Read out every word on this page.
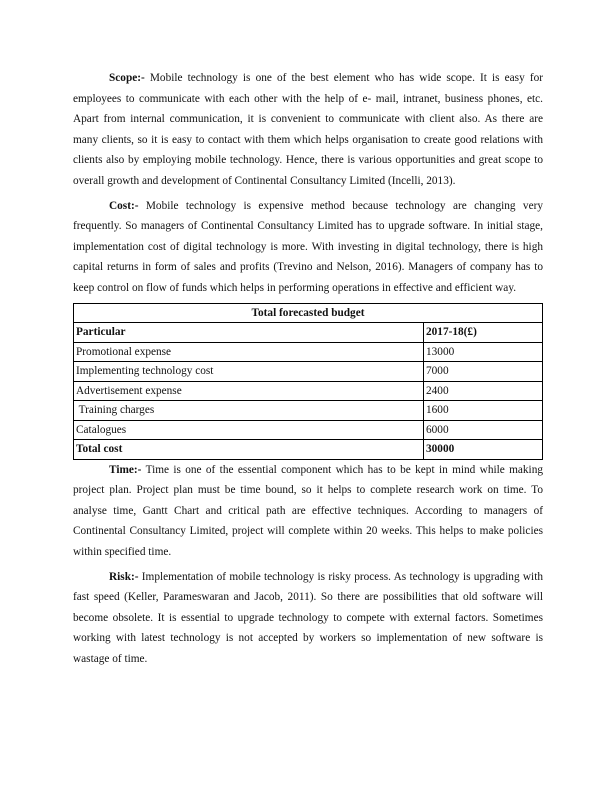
Scope:- Mobile technology is one of the best element who has wide scope. It is easy for employees to communicate with each other with the help of e- mail, intranet, business phones, etc. Apart from internal communication, it is convenient to communicate with client also. As there are many clients, so it is easy to contact with them which helps organisation to create good relations with clients also by employing mobile technology. Hence, there is various opportunities and great scope to overall growth and development of Continental Consultancy Limited (Incelli, 2013).

Cost:- Mobile technology is expensive method because technology are changing very frequently. So managers of Continental Consultancy Limited has to upgrade software. In initial stage, implementation cost of digital technology is more. With investing in digital technology, there is high capital returns in form of sales and profits (Trevino and Nelson, 2016). Managers of company has to keep control on flow of funds which helps in performing operations in effective and efficient way.

Total forecasted budget	
Particular	2017-18(£)
Promotional expense	13000
Implementing technology cost	7000
Advertisement expense	2400
Training charges	1600
Catalogues	6000
Total cost	30000

Time:- Time is one of the essential component which has to be kept in mind while making project plan. Project plan must be time bound, so it helps to complete research work on time. To analyse time, Gantt Chart and critical path are effective techniques. According to managers of Continental Consultancy Limited, project will complete within 20 weeks. This helps to make policies within specified time.

Risk:- Implementation of mobile technology is risky process. As technology is upgrading with fast speed (Keller, Parameswaran and Jacob, 2011). So there are possibilities that old software will become obsolete. It is essential to upgrade technology to compete with external factors. Sometimes working with latest technology is not accepted by workers so implementation of new software is wastage of time.
